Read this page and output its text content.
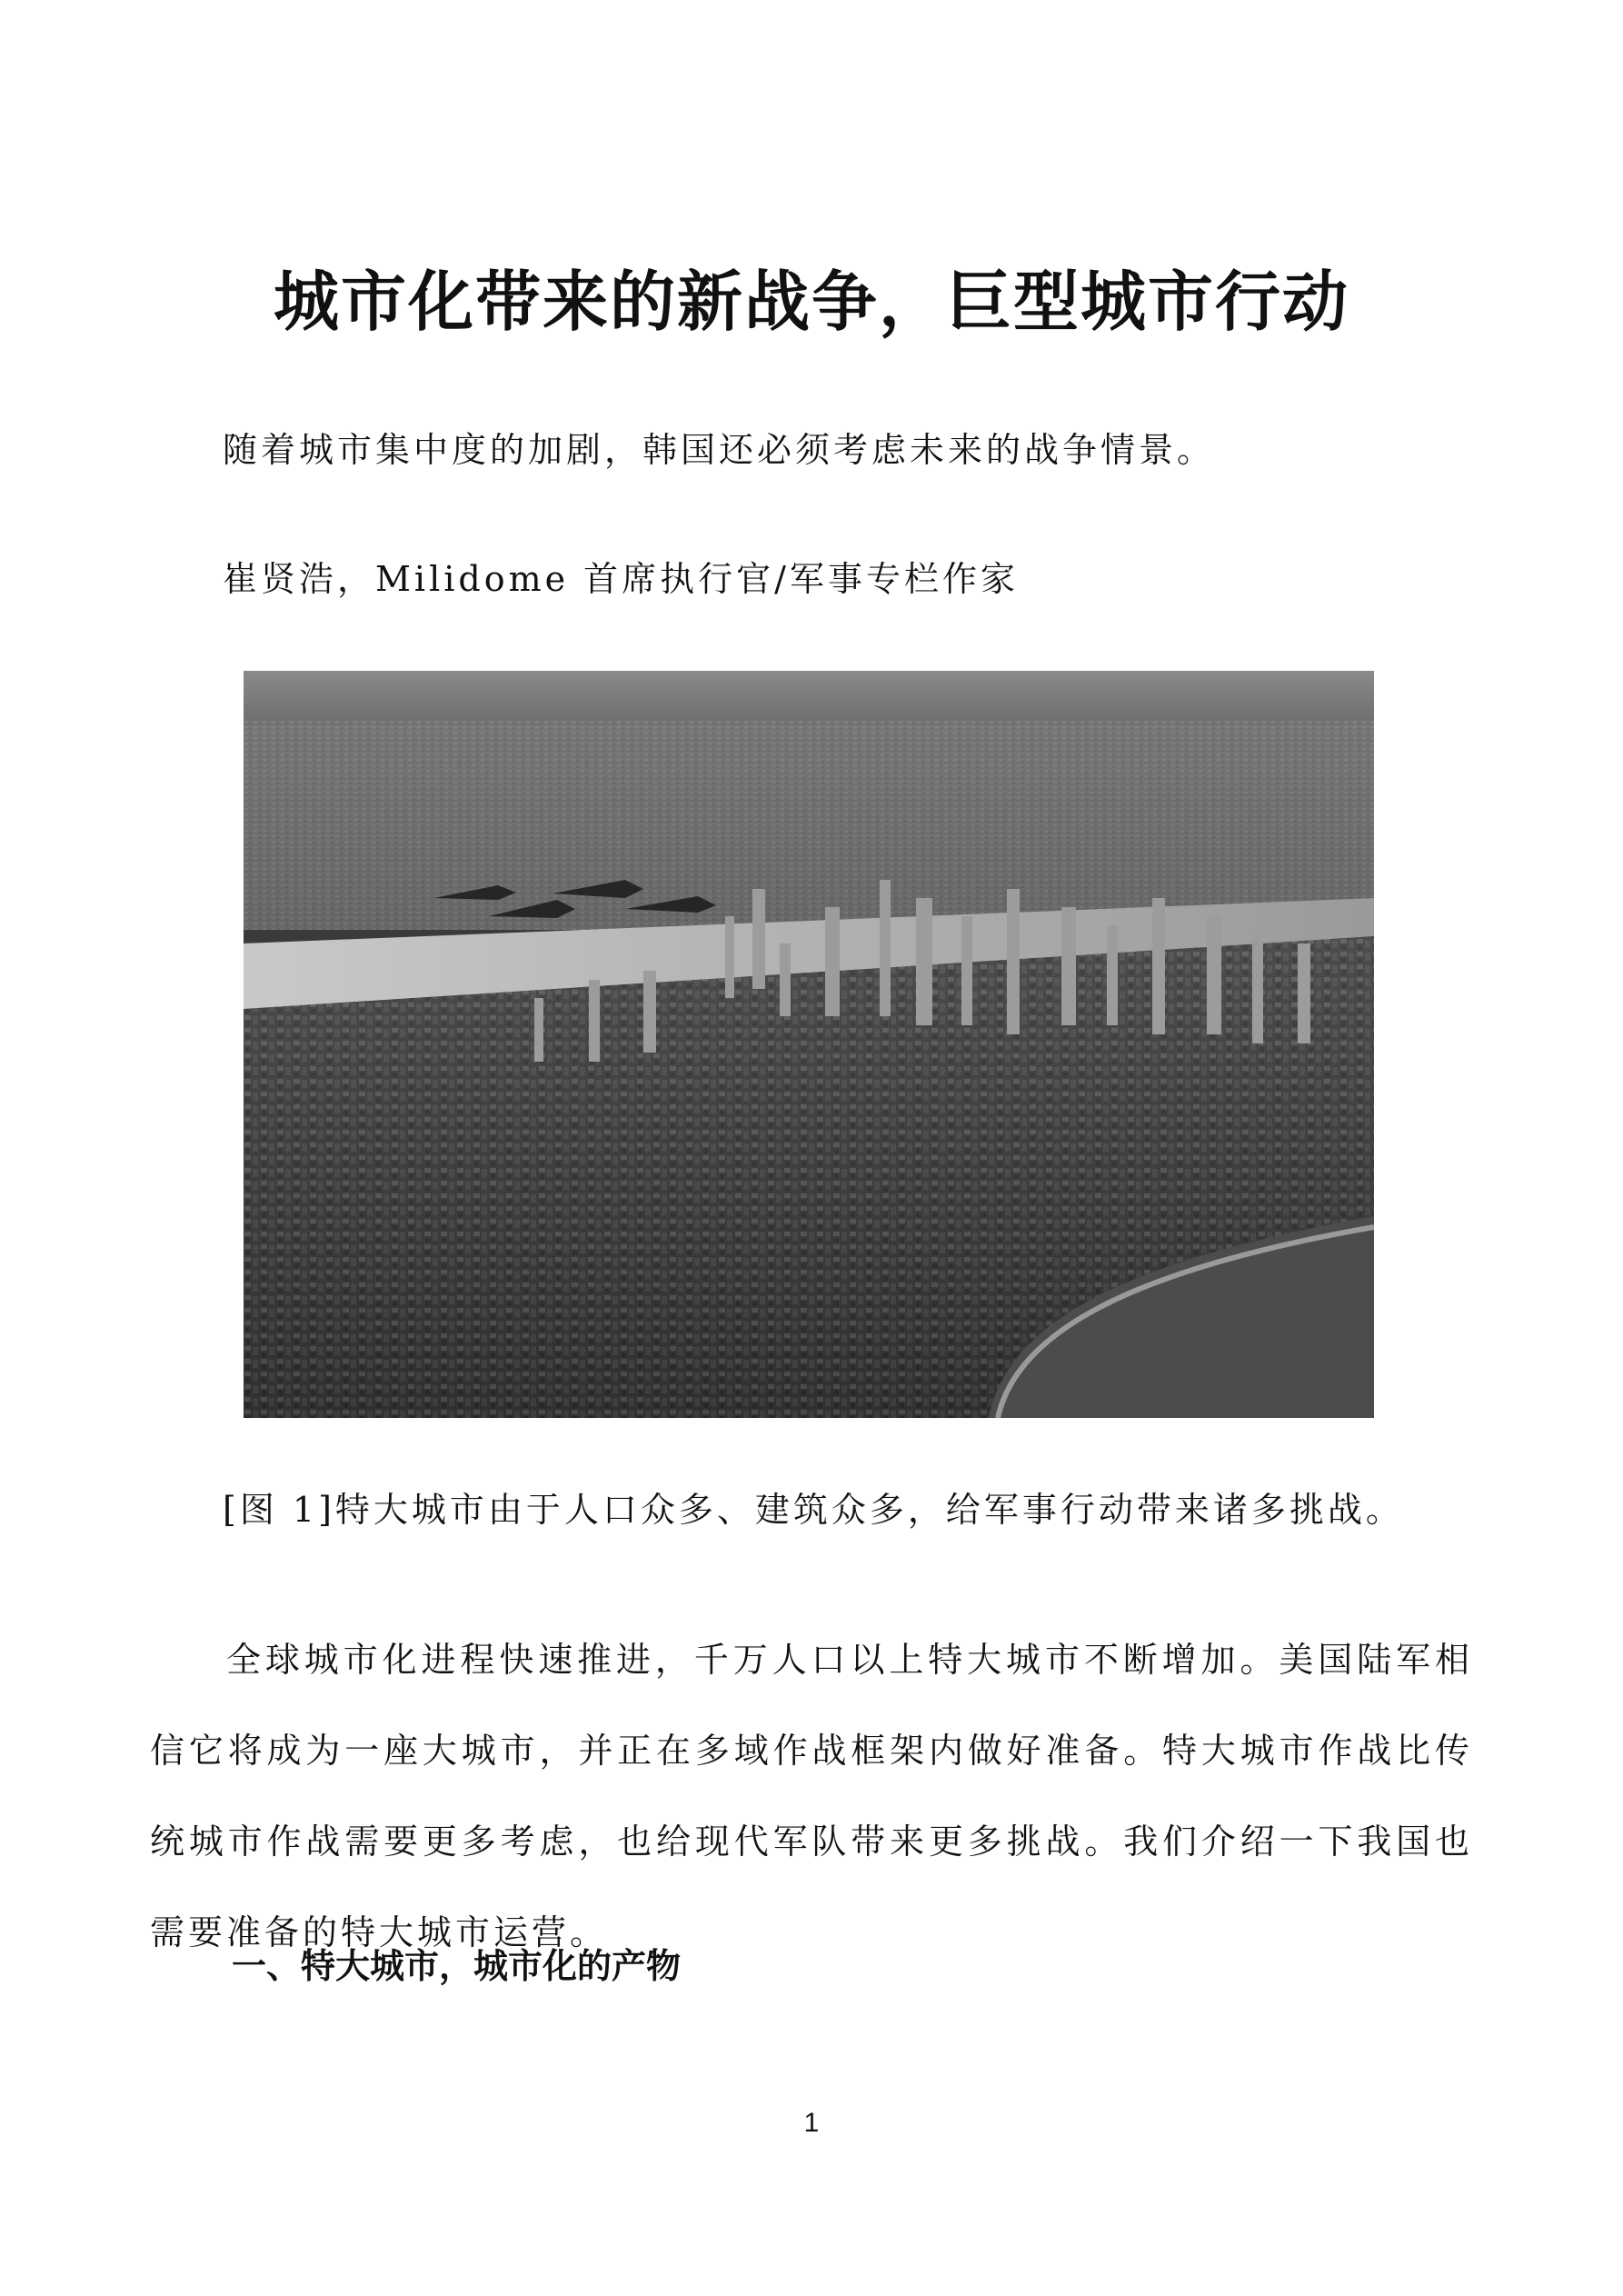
城市化带来的新战争，巨型城市行动

随着城市集中度的加剧，韩国还必须考虑未来的战争情景。

崔贤浩，Milidome 首席执行官/军事专栏作家

[图 1]特大城市由于人口众多、建筑众多，给军事行动带来诸多挑战。

全球城市化进程快速推进，千万人口以上特大城市不断增加。美国陆军相信它将成为一座大城市，并正在多域作战框架内做好准备。特大城市作战比传统城市作战需要更多考虑，也给现代军队带来更多挑战。我们介绍一下我国也需要准备的特大城市运营。

一、特大城市，城市化的产物

1
